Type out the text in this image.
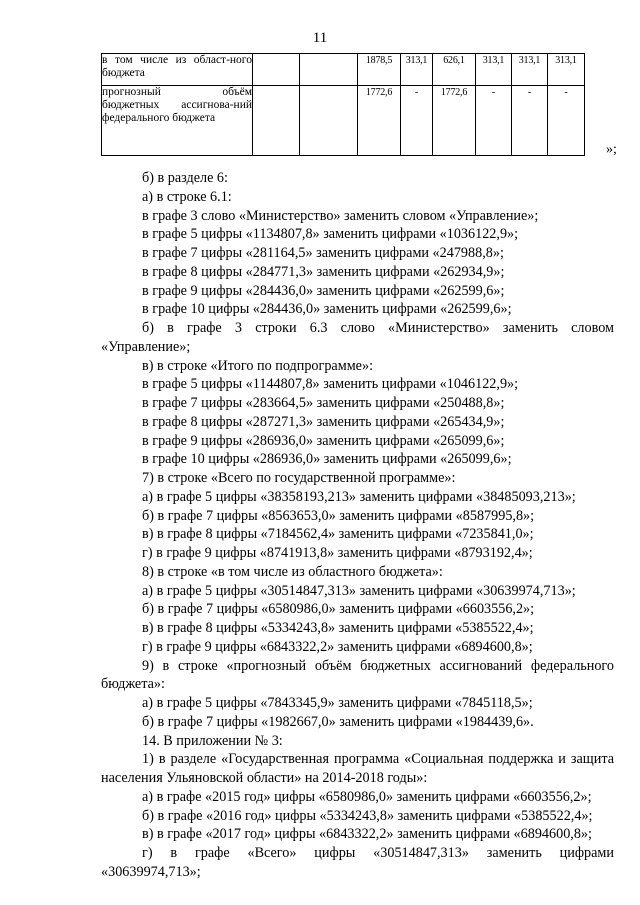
11
в том числе из област-ного бюджета			1878,5	313,1	626,1	313,1	313,1	313,1
прогнозный объём бюджетных ассигнова-ний федерального бюджета			1772,6	-	1772,6	-	-	-
»;

б) в разделе 6:

а) в строке 6.1:

в графе 3 слово «Министерство» заменить словом «Управление»;

в графе 5 цифры «1134807,8» заменить цифрами «1036122,9»;

в графе 7 цифры «281164,5» заменить цифрами «247988,8»;

в графе 8 цифры «284771,3» заменить цифрами «262934,9»;

в графе 9 цифры «284436,0» заменить цифрами «262599,6»;

в графе 10 цифры «284436,0» заменить цифрами «262599,6»;

б) в графе 3 строки 6.3 слово «Министерство» заменить словом «Управление»;

в) в строке «Итого по подпрограмме»:

в графе 5 цифры «1144807,8» заменить цифрами «1046122,9»;

в графе 7 цифры «283664,5» заменить цифрами «250488,8»;

в графе 8 цифры «287271,3» заменить цифрами «265434,9»;

в графе 9 цифры «286936,0» заменить цифрами «265099,6»;

в графе 10 цифры «286936,0» заменить цифрами «265099,6»;

7) в строке «Всего по государственной программе»:

а) в графе 5 цифры «38358193,213» заменить цифрами «38485093,213»;

б) в графе 7 цифры «8563653,0» заменить цифрами «8587995,8»;

в) в графе 8 цифры «7184562,4» заменить цифрами «7235841,0»;

г) в графе 9 цифры «8741913,8» заменить цифрами «8793192,4»;

8) в строке «в том числе из областного бюджета»:

а) в графе 5 цифры «30514847,313» заменить цифрами «30639974,713»;

б) в графе 7 цифры «6580986,0» заменить цифрами «6603556,2»;

в) в графе 8 цифры «5334243,8» заменить цифрами «5385522,4»;

г) в графе 9 цифры «6843322,2» заменить цифрами «6894600,8»;

9) в строке «прогнозный объём бюджетных ассигнований федерального бюджета»:

а) в графе 5 цифры «7843345,9» заменить цифрами «7845118,5»;

б) в графе 7 цифры «1982667,0» заменить цифрами «1984439,6».

14. В приложении № 3:

1) в разделе «Государственная программа «Социальная поддержка и защита населения Ульяновской области» на 2014-2018 годы»:

а) в графе «2015 год» цифры «6580986,0» заменить цифрами «6603556,2»;

б) в графе «2016 год» цифры «5334243,8» заменить цифрами «5385522,4»;

в) в графе «2017 год» цифры «6843322,2» заменить цифрами «6894600,8»;

г) в графе «Всего» цифры «30514847,313» заменить цифрами «30639974,713»;
